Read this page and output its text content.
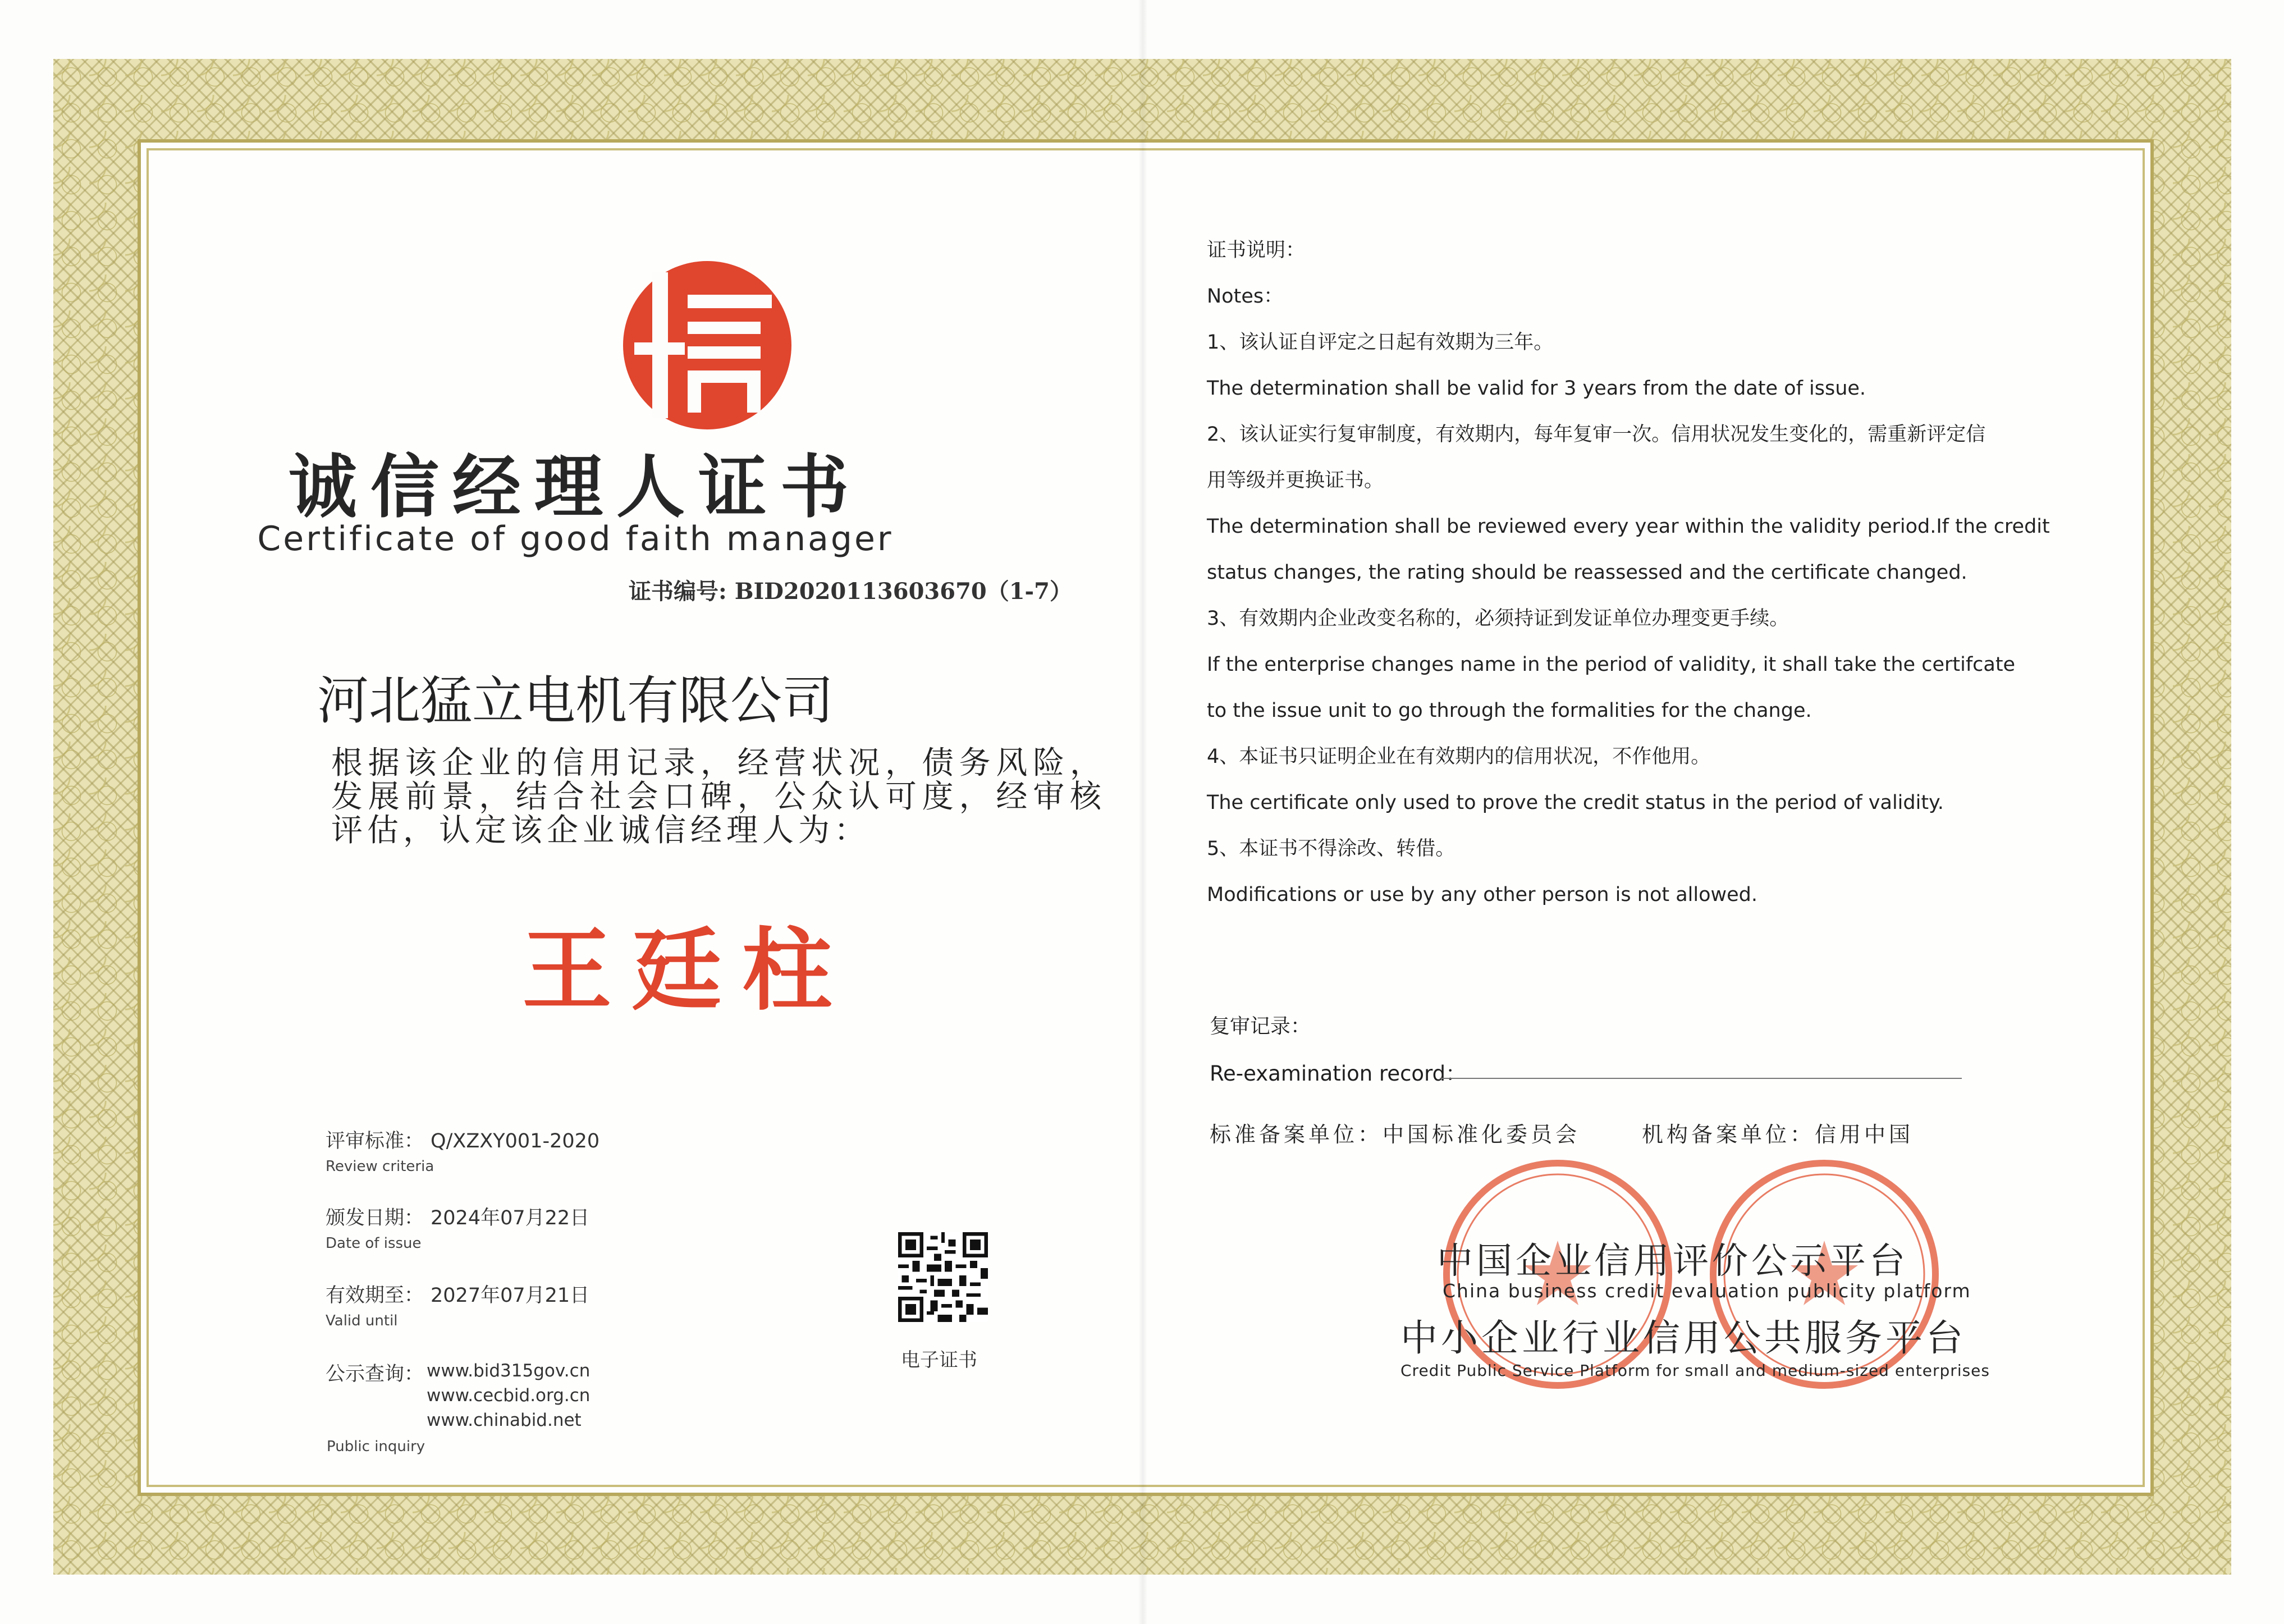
诚信经理人证书
Certificate of good faith manager
证书编号: BID2020113603670（1-7）
河北猛立电机有限公司
根据该企业的信用记录，经营状况，债务风险，发展前景，结合社会口碑，公众认可度，经审核评估，认定该企业诚信经理人为：
王廷柱
评审标准： Q/XZXY001-2020
Review criteria
颁发日期： 2024年07月22日
Date of issue
有效期至： 2027年07月21日
Valid until
公示查询： www.bid315gov.cn
www.cecbid.org.cn
www.chinabid.net
Public inquiry
电子证书
证书说明：
Notes：
1、该认证自评定之日起有效期为三年。
The determination shall be valid for 3 years from the date of issue.
2、该认证实行复审制度，有效期内，每年复审一次。信用状况发生变化的，需重新评定信
用等级并更换证书。
The determination shall be reviewed every year within the validity period.If the credit
status changes, the rating should be reassessed and the certificate changed.
3、有效期内企业改变名称的，必须持证到发证单位办理变更手续。
If the enterprise changes name in the period of validity, it shall take the certifcate
to the issue unit to go through the formalities for the change.
4、本证书只证明企业在有效期内的信用状况，不作他用。
The certificate only used to prove the credit status in the period of validity.
5、本证书不得涂改、转借。
Modifications or use by any other person is not allowed.
复审记录：
Re-examination record：
标准备案单位：中国标准化委员会	机构备案单位：信用中国
中国企业信用评价公示平台
China business credit evaluation publicity platform
中小企业行业信用公共服务平台
Credit Public Service Platform for small and medium-sized enterprises
